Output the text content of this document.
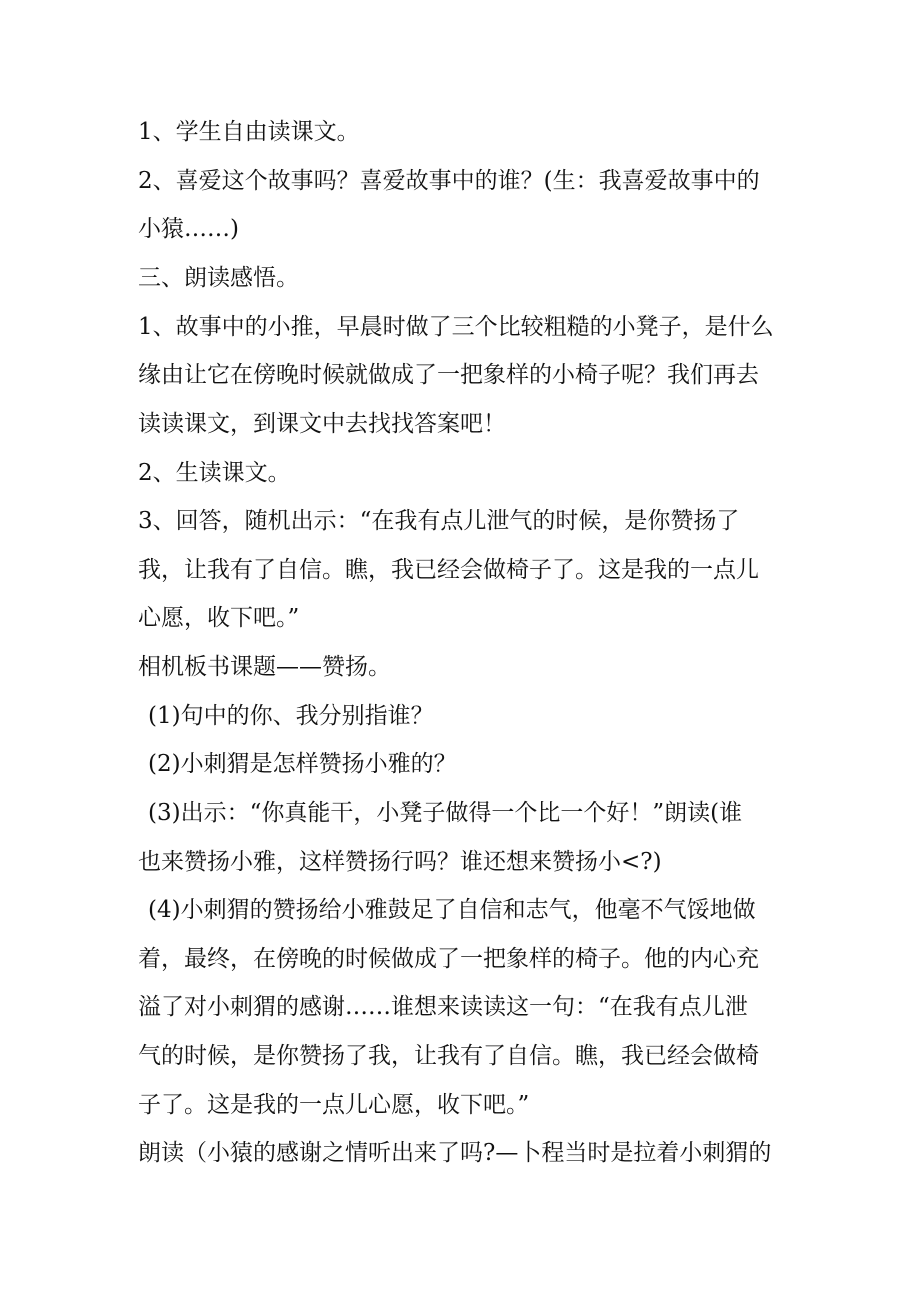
1、学生自由读课文。
2、喜爱这个故事吗？喜爱故事中的谁？(生：我喜爱故事中的
小猿……)
三、朗读感悟。
1、故事中的小推，早晨时做了三个比较粗糙的小凳子，是什么
缘由让它在傍晚时候就做成了一把象样的小椅子呢？我们再去
读读课文，到课文中去找找答案吧！
2、生读课文。
3、回答，随机出示：“在我有点儿泄气的时候，是你赞扬了
我，让我有了自信。瞧，我已经会做椅子了。这是我的一点儿
心愿，收下吧。”
相机板书课题——赞扬。
(1)句中的你、我分别指谁？
(2)小刺猬是怎样赞扬小雅的？
(3)出示：“你真能干，小凳子做得一个比一个好！”朗读(谁
也来赞扬小雅，这样赞扬行吗？谁还想来赞扬小<?)
(4)小刺猬的赞扬给小雅鼓足了自信和志气，他毫不气馁地做
着，最终，在傍晚的时候做成了一把象样的椅子。他的内心充
溢了对小刺猬的感谢……谁想来读读这一句：“在我有点儿泄
气的时候，是你赞扬了我，让我有了自信。瞧，我已经会做椅
子了。这是我的一点儿心愿，收下吧。”
朗读（小猿的感谢之情听出来了吗?—卜程当时是拉着小刺猬的
